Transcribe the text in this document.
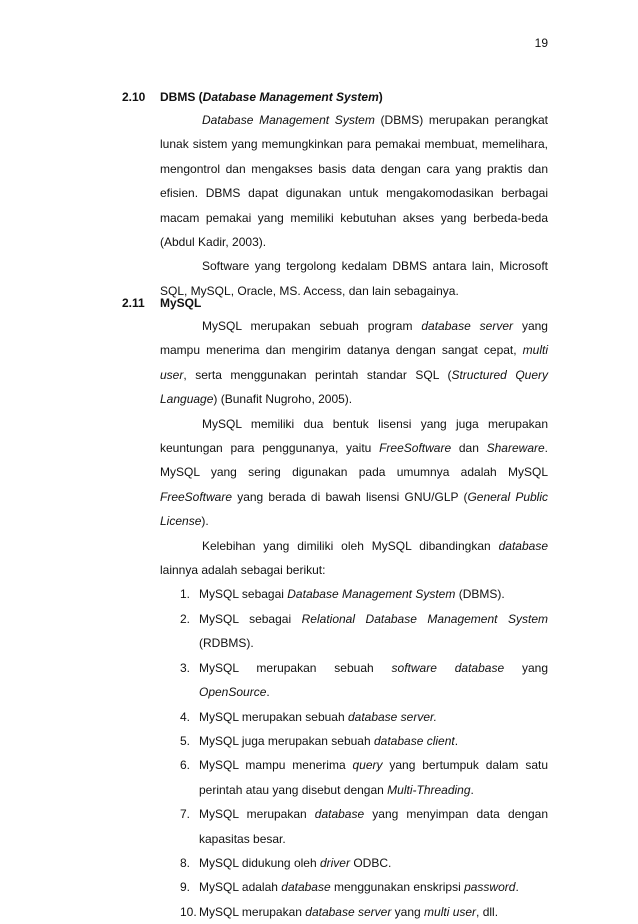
19
2.10	DBMS (Database Management System)

Database Management System (DBMS) merupakan perangkat lunak sistem yang memungkinkan para pemakai membuat, memelihara, mengontrol dan mengakses basis data dengan cara yang praktis dan efisien. DBMS dapat digunakan untuk mengakomodasikan berbagai macam pemakai yang memiliki kebutuhan akses yang berbeda-beda (Abdul Kadir, 2003).

Software yang tergolong kedalam DBMS antara lain, Microsoft SQL, MySQL, Oracle, MS. Access, dan lain sebagainya.

2.11	MySQL

MySQL merupakan sebuah program database server yang mampu menerima dan mengirim datanya dengan sangat cepat, multi user, serta menggunakan perintah standar SQL (Structured Query Language) (Bunafit Nugroho, 2005).

MySQL memiliki dua bentuk lisensi yang juga merupakan keuntungan para penggunanya, yaitu FreeSoftware dan Shareware. MySQL yang sering digunakan pada umumnya adalah MySQL FreeSoftware yang berada di bawah lisensi GNU/GLP (General Public License).

Kelebihan yang dimiliki oleh MySQL dibandingkan database lainnya adalah sebagai berikut:

1. MySQL sebagai Database Management System (DBMS).
2. MySQL sebagai Relational Database Management System (RDBMS).
3. MySQL merupakan sebuah software database yang OpenSource.
4. MySQL merupakan sebuah database server.
5. MySQL juga merupakan sebuah database client.
6. MySQL mampu menerima query yang bertumpuk dalam satu perintah atau yang disebut dengan Multi-Threading.
7. MySQL merupakan database yang menyimpan data dengan kapasitas besar.
8. MySQL didukung oleh driver ODBC.
9. MySQL adalah database menggunakan enskripsi password.
10. MySQL merupakan database server yang multi user, dll.
